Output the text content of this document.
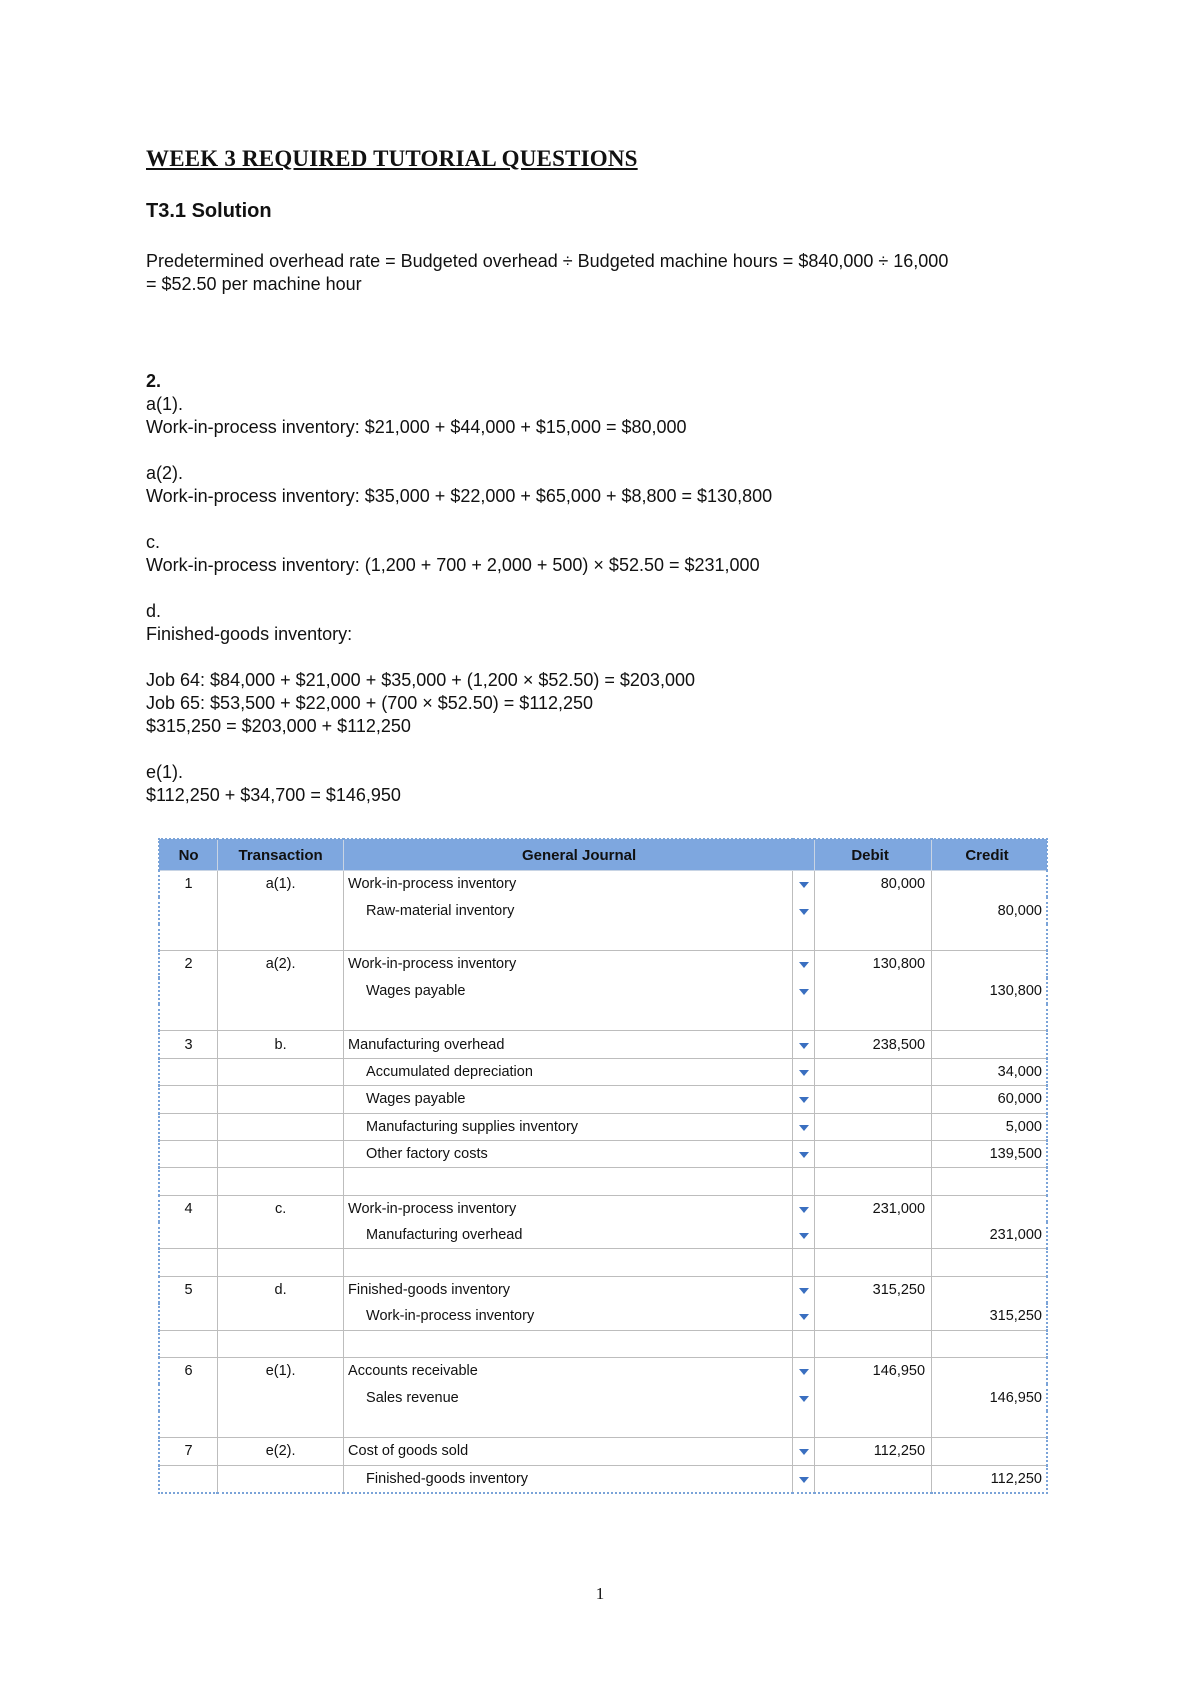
WEEK 3 REQUIRED TUTORIAL QUESTIONS
T3.1 Solution
Predetermined overhead rate = Budgeted overhead ÷ Budgeted machine hours = $840,000 ÷ 16,000
= $52.50 per machine hour
2.
a(1).
Work-in-process inventory: $21,000 + $44,000 + $15,000 = $80,000
a(2).
Work-in-process inventory: $35,000 + $22,000 + $65,000 + $8,800 = $130,800
c.
Work-in-process inventory: (1,200 + 700 + 2,000 + 500) × $52.50 = $231,000
d.
Finished-goods inventory:
Job 64: $84,000 + $21,000 + $35,000 + (1,200 × $52.50) = $203,000
Job 65: $53,500 + $22,000 + (700 × $52.50) = $112,250
$315,250 = $203,000 + $112,250
e(1).
$112,250 + $34,700 = $146,950
No	Transaction	General Journal		Debit	Credit
1	a(1).	Work-in-process inventory		80,000	
		Raw-material inventory			80,000

2	a(2).	Work-in-process inventory		130,800	
		Wages payable			130,800

3	b.	Manufacturing overhead		238,500	
		Accumulated depreciation			34,000
		Wages payable			60,000
		Manufacturing supplies inventory			5,000
		Other factory costs			139,500

4	c.	Work-in-process inventory		231,000	
		Manufacturing overhead			231,000

5	d.	Finished-goods inventory		315,250	
		Work-in-process inventory			315,250

6	e(1).	Accounts receivable		146,950	
		Sales revenue			146,950

7	e(2).	Cost of goods sold		112,250	
		Finished-goods inventory			112,250
1
